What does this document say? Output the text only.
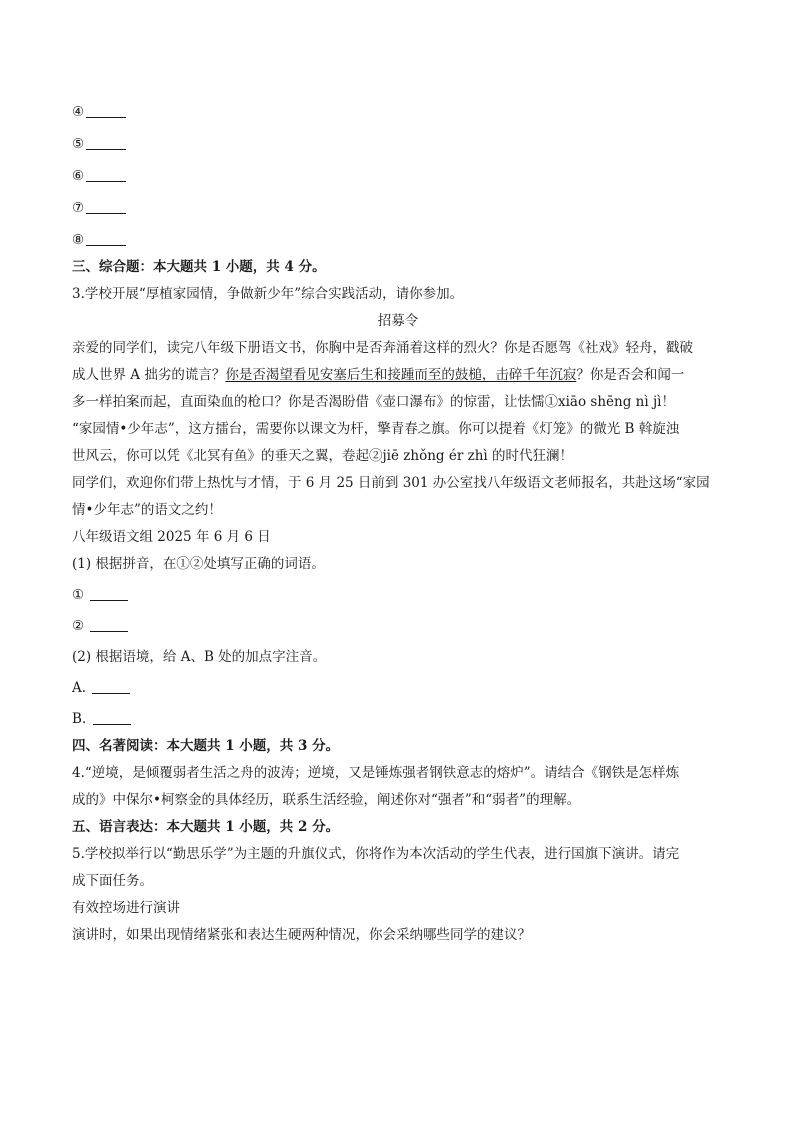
④
⑤
⑥
⑦
⑧
三、综合题：本大题共 1 小题，共 4 分。
3.学校开展“厚植家园情，争做新少年”综合实践活动，请你参加。
招募令
亲爱的同学们，读完八年级下册语文书，你胸中是否奔涌着这样的烈火？你是否愿驾《社戏》轻舟，戳破
成人世界 A 拙劣的谎言？你是否渴望看见安塞后生和接踵而至的鼓槌，击碎千年沉寂？你是否会和闻一
多一样拍案而起，直面染血的枪口？你是否渴盼借《壶口瀑布》的惊雷，让怯懦①xiāo shēng nì jì！
“家园情•少年志”，这方擂台，需要你以课文为杆，擎青春之旗。你可以提着《灯笼》的微光 B 斡旋浊
世风云，你可以凭《北冥有鱼》的垂天之翼，卷起②jiē zhǒng ér zhì 的时代狂澜！
同学们，欢迎你们带上热忱与才情，于 6 月 25 日前到 301 办公室找八年级语文老师报名，共赴这场“家园
情•少年志”的语文之约！
八年级语文组 2025 年 6 月 6 日
(1) 根据拼音，在①②处填写正确的词语。
①
②
(2) 根据语境，给 A、B 处的加点字注音。
A.
B.
四、名著阅读：本大题共 1 小题，共 3 分。
4.“逆境，是倾覆弱者生活之舟的波涛；逆境，又是锤炼强者钢铁意志的熔炉”。请结合《钢铁是怎样炼
成的》中保尔•柯察金的具体经历，联系生活经验，阐述你对“强者”和“弱者”的理解。
五、语言表达：本大题共 1 小题，共 2 分。
5.学校拟举行以“勤思乐学”为主题的升旗仪式，你将作为本次活动的学生代表，进行国旗下演讲。请完
成下面任务。
有效控场进行演讲
演讲时，如果出现情绪紧张和表达生硬两种情况，你会采纳哪些同学的建议？
